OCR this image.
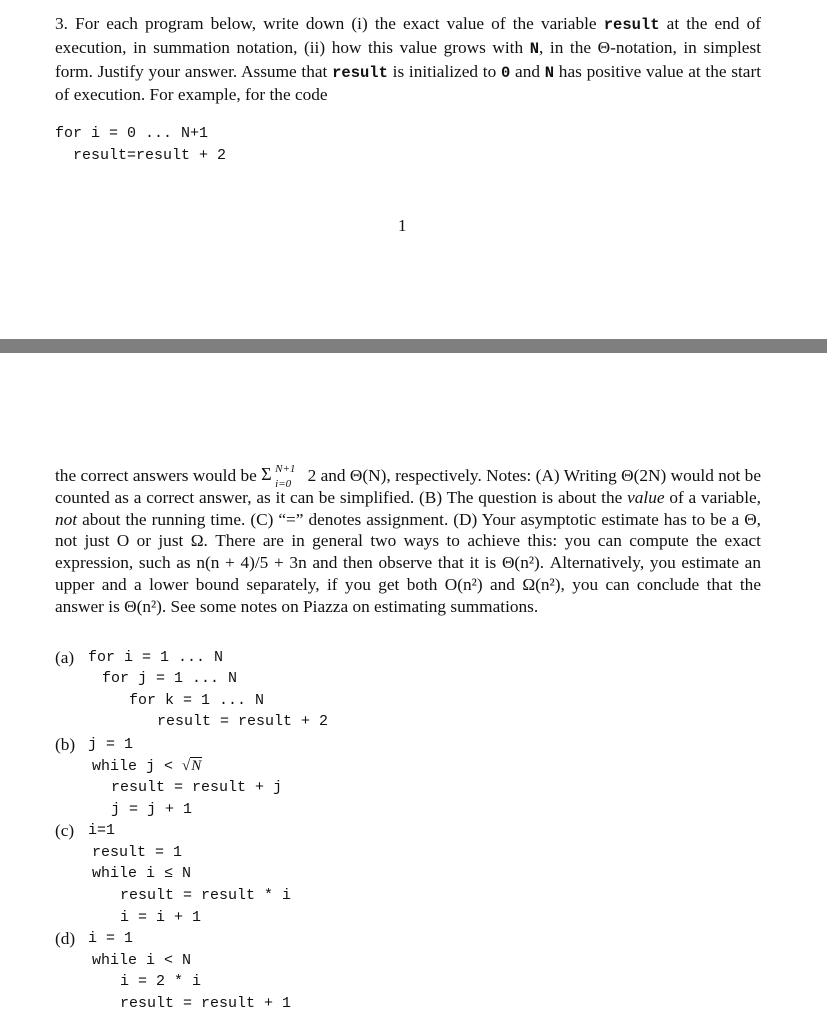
3. For each program below, write down (i) the exact value of the variable result at the end of execution, in summation notation, (ii) how this value grows with N, in the Θ-notation, in simplest form. Justify your answer. Assume that result is initialized to 0 and N has positive value at the start of execution. For example, for the code
for i = 0 ... N+1
result=result + 2
1
the correct answers would be Σ N+1
i=0 2 and Θ(N), respectively. Notes: (A) Writing Θ(2N) would not be counted as a correct answer, as it can be simplified. (B) The question is about the value of a variable, not about the running time. (C) “=” denotes assignment. (D) Your asymptotic estimate has to be a Θ, not just O or just Ω. There are in general two ways to achieve this: you can compute the exact expression, such as n(n + 4)/5 + 3n and then observe that it is Θ(n²). Alternatively, you estimate an upper and a lower bound separately, if you get both O(n²) and Ω(n²), you can conclude that the answer is Θ(n²). See some notes on Piazza on estimating summations.
(a) for i = 1 ... N
for j = 1 ... N
for k = 1 ... N
result = result + 2
(b) j = 1
while j < √N
result = result + j
j = j + 1
(c) i=1
result = 1
while i ≤ N
result = result * i
i = i + 1
(d) i = 1
while i < N
i = 2 * i
result = result + 1
